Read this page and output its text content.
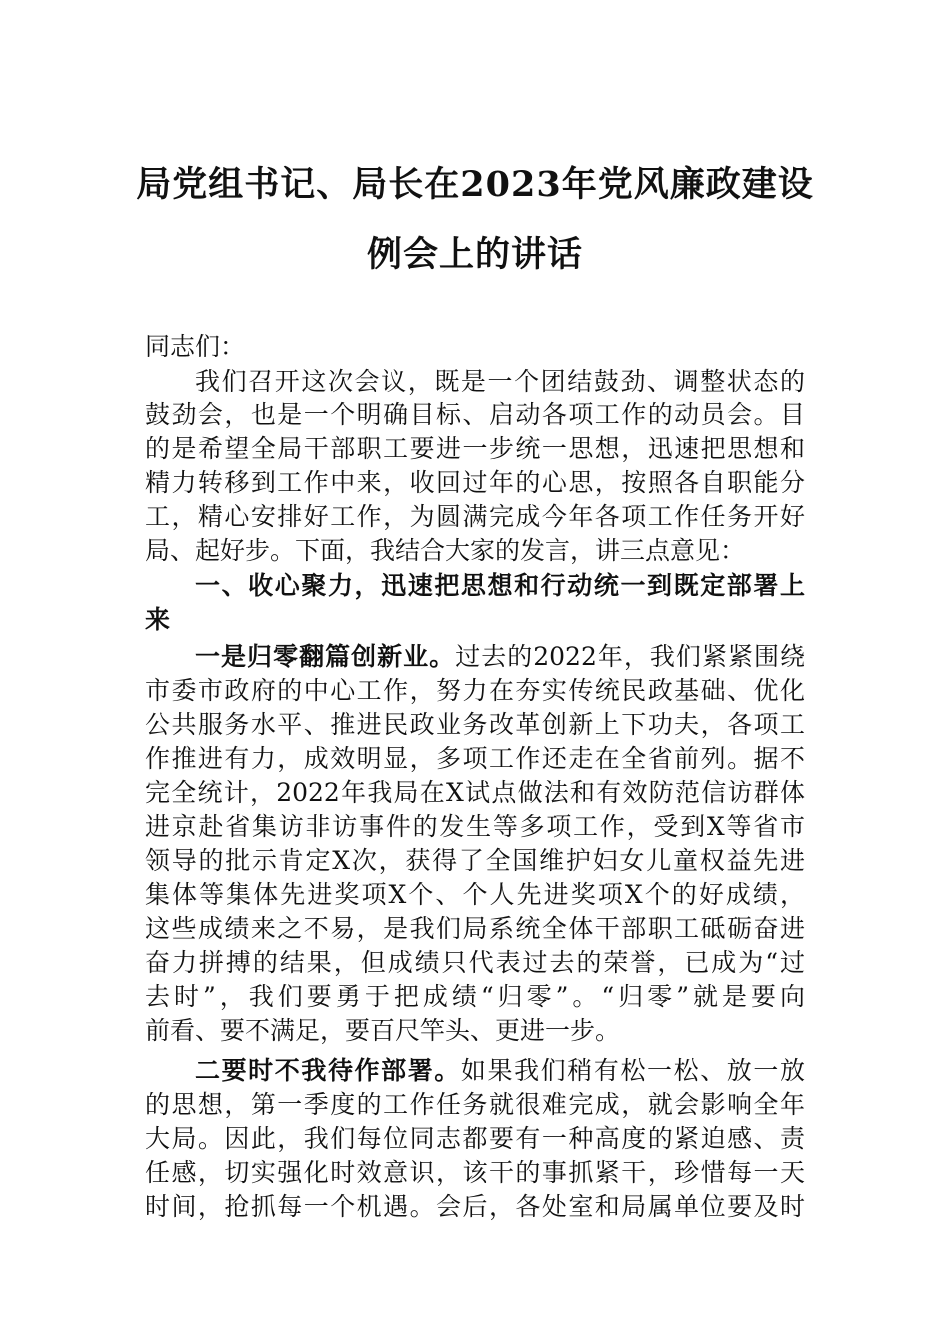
局党组书记、局长在2023年党风廉政建设
例会上的讲话
同志们：
我们召开这次会议，既是一个团结鼓劲、调整状态的
鼓劲会，也是一个明确目标、启动各项工作的动员会。目
的是希望全局干部职工要进一步统一思想，迅速把思想和
精力转移到工作中来，收回过年的心思，按照各自职能分
工，精心安排好工作，为圆满完成今年各项工作任务开好
局、起好步。下面，我结合大家的发言，讲三点意见：
一、收心聚力，迅速把思想和行动统一到既定部署上
来
一是归零翻篇创新业。过去的2022年，我们紧紧围绕
市委市政府的中心工作，努力在夯实传统民政基础、优化
公共服务水平、推进民政业务改革创新上下功夫，各项工
作推进有力，成效明显，多项工作还走在全省前列。据不
完全统计，2022年我局在X试点做法和有效防范信访群体
进京赴省集访非访事件的发生等多项工作，受到X等省市
领导的批示肯定X次，获得了全国维护妇女儿童权益先进
集体等集体先进奖项X个、个人先进奖项X个的好成绩，
这些成绩来之不易，是我们局系统全体干部职工砥砺奋进
奋力拼搏的结果，但成绩只代表过去的荣誉，已成为“过
去时”，我们要勇于把成绩“归零”。“归零”就是要向
前看、要不满足，要百尺竿头、更进一步。
二要时不我待作部署。如果我们稍有松一松、放一放
的思想，第一季度的工作任务就很难完成，就会影响全年
大局。因此，我们每位同志都要有一种高度的紧迫感、责
任感，切实强化时效意识，该干的事抓紧干，珍惜每一天
时间，抢抓每一个机遇。会后，各处室和局属单位要及时
